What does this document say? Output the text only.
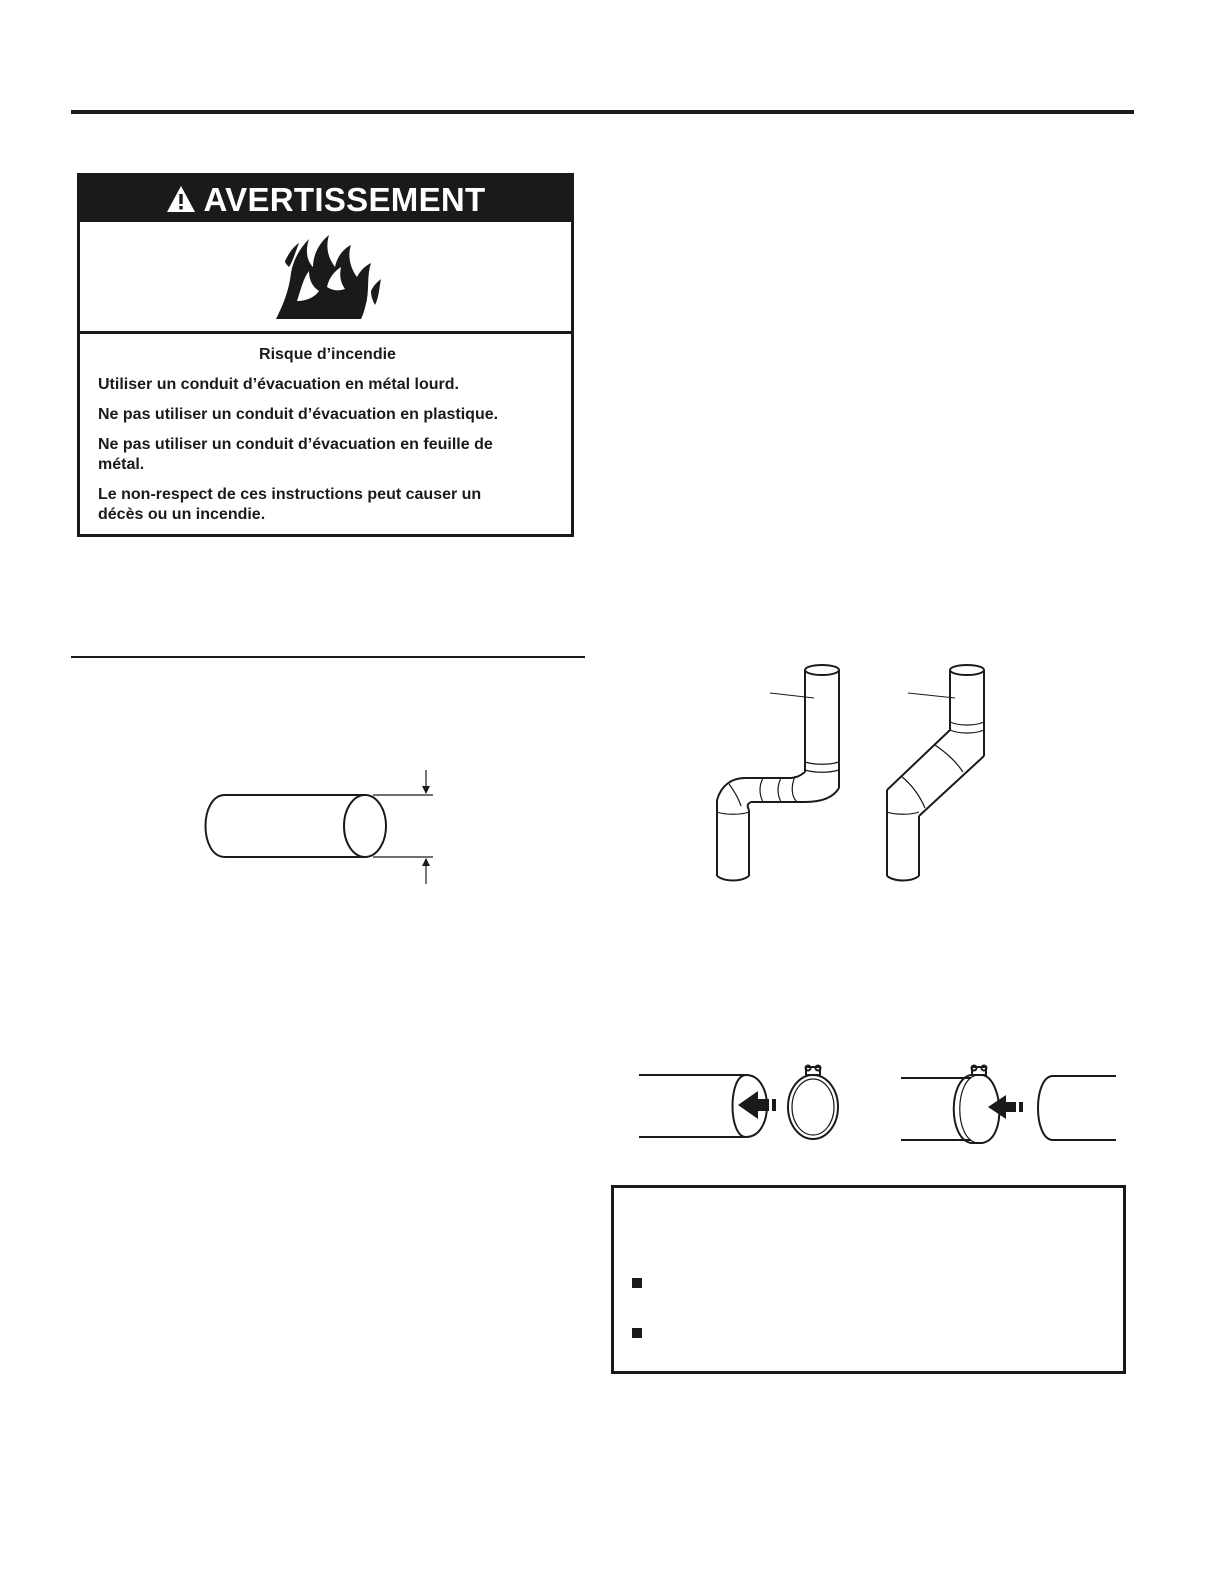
AVERTISSEMENT
Risque d’incendie
Utiliser un conduit d’évacuation en métal lourd.
Ne pas utiliser un conduit d’évacuation en plastique.
Ne pas utiliser un conduit d’évacuation en feuille de métal.
Le non-respect de ces instructions peut causer un décès ou un incendie.
